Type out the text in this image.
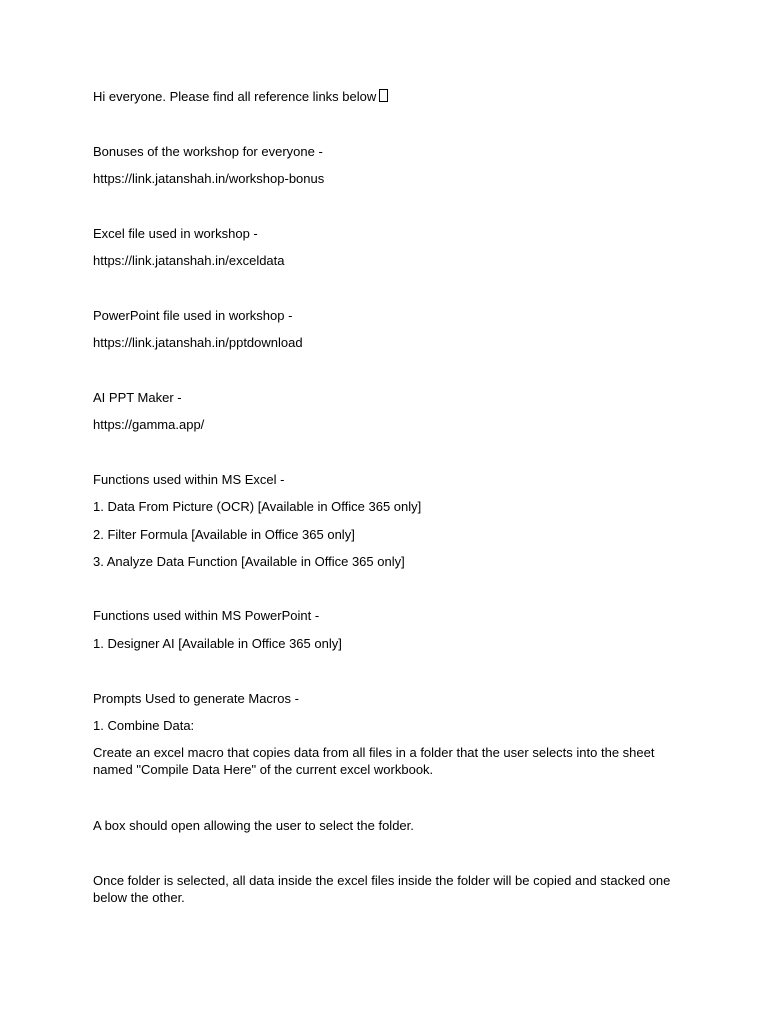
Hi everyone. Please find all reference links below

Bonuses of the workshop for everyone -

https://link.jatanshah.in/workshop-bonus

Excel file used in workshop -

https://link.jatanshah.in/exceldata

PowerPoint file used in workshop -

https://link.jatanshah.in/pptdownload

AI PPT Maker -

https://gamma.app/

Functions used within MS Excel -

1. Data From Picture (OCR) [Available in Office 365 only]

2. Filter Formula [Available in Office 365 only]

3. Analyze Data Function [Available in Office 365 only]

Functions used within MS PowerPoint -

1. Designer AI [Available in Office 365 only]

Prompts Used to generate Macros -

1. Combine Data:

Create an excel macro that copies data from all files in a folder that the user selects into the sheet named "Compile Data Here" of the current excel workbook.

A box should open allowing the user to select the folder.

Once folder is selected, all data inside the excel files inside the folder will be copied and stacked one below the other.
